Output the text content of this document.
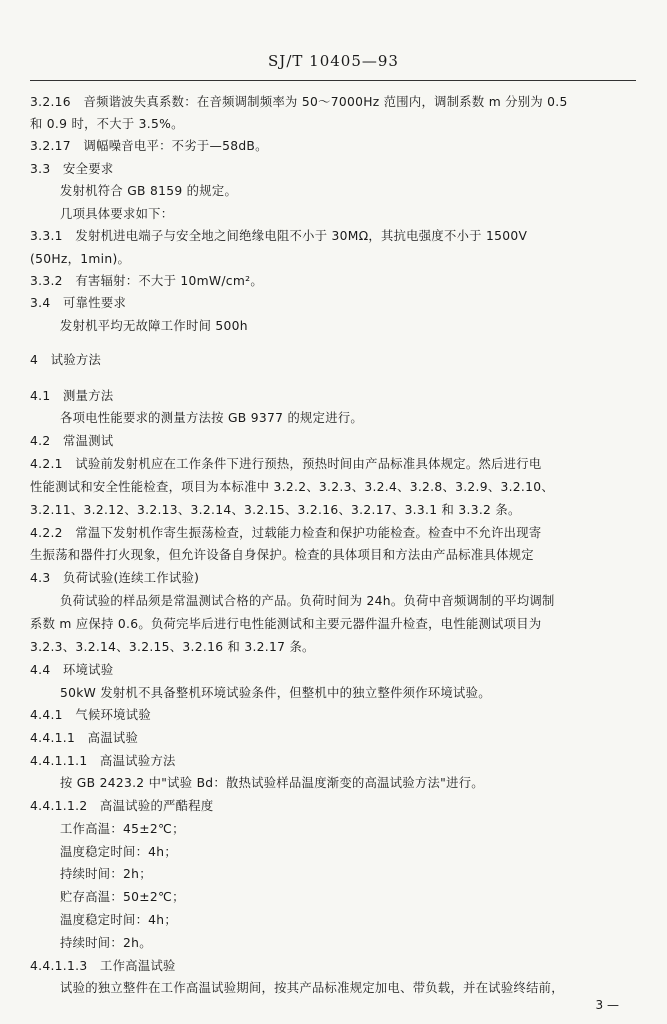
SJ/T 10405—93
3.2.16　音频谐波失真系数：在音频调制频率为 50～7000Hz 范围内，调制系数 m 分别为 0.5
和 0.9 时，不大于 3.5%。
3.2.17　调幅噪音电平：不劣于—58dB。
3.3　安全要求
发射机符合 GB 8159 的规定。
几项具体要求如下：
3.3.1　发射机进电端子与安全地之间绝缘电阻不小于 30MΩ，其抗电强度不小于 1500V
(50Hz，1min)。
3.3.2　有害辐射：不大于 10mW/cm²。
3.4　可靠性要求
发射机平均无故障工作时间 500h
4　试验方法
4.1　测量方法
各项电性能要求的测量方法按 GB 9377 的规定进行。
4.2　常温测试
4.2.1　试验前发射机应在工作条件下进行预热，预热时间由产品标准具体规定。然后进行电
性能测试和安全性能检查，项目为本标准中 3.2.2、3.2.3、3.2.4、3.2.8、3.2.9、3.2.10、
3.2.11、3.2.12、3.2.13、3.2.14、3.2.15、3.2.16、3.2.17、3.3.1 和 3.3.2 条。
4.2.2　常温下发射机作寄生振荡检查，过载能力检查和保护功能检查。检查中不允许出现寄
生振荡和器件打火现象，但允许设备自身保护。检查的具体项目和方法由产品标准具体规定
4.3　负荷试验(连续工作试验)
负荷试验的样品须是常温测试合格的产品。负荷时间为 24h。负荷中音频调制的平均调制
系数 m 应保持 0.6。负荷完毕后进行电性能测试和主要元器件温升检查，电性能测试项目为
3.2.3、3.2.14、3.2.15、3.2.16 和 3.2.17 条。
4.4　环境试验
50kW 发射机不具备整机环境试验条件，但整机中的独立整件须作环境试验。
4.4.1　气候环境试验
4.4.1.1　高温试验
4.4.1.1.1　高温试验方法
按 GB 2423.2 中"试验 Bd：散热试验样品温度渐变的高温试验方法"进行。
4.4.1.1.2　高温试验的严酷程度
工作高温：45±2℃；
温度稳定时间：4h；
持续时间：2h；
贮存高温：50±2℃；
温度稳定时间：4h；
持续时间：2h。
4.4.1.1.3　工作高温试验
试验的独立整件在工作高温试验期间，按其产品标准规定加电、带负载，并在试验终结前，
3 —
